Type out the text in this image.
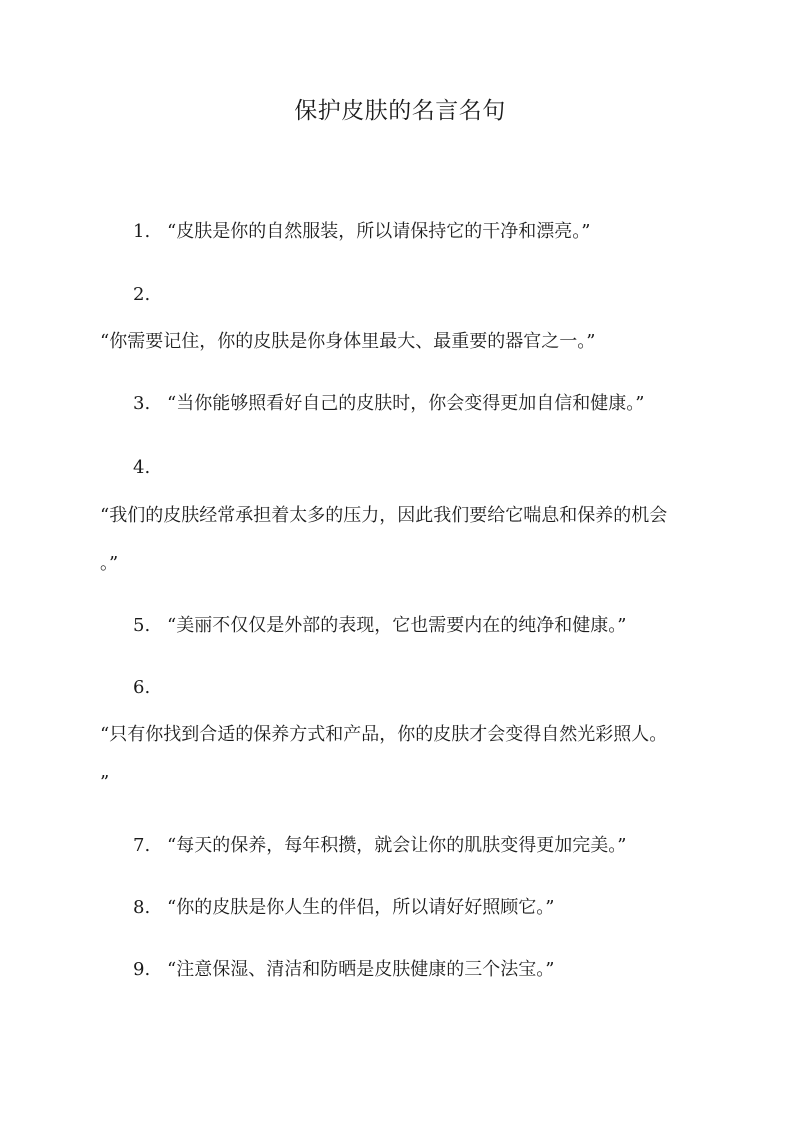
保护皮肤的名言名句

1. “皮肤是你的自然服装，所以请保持它的干净和漂亮。”

2.

“你需要记住，你的皮肤是你身体里最大、最重要的器官之一。”

3. “当你能够照看好自己的皮肤时，你会变得更加自信和健康。”

4.

“我们的皮肤经常承担着太多的压力，因此我们要给它喘息和保养的机会

。”

5. “美丽不仅仅是外部的表现，它也需要内在的纯净和健康。”

6.

“只有你找到合适的保养方式和产品，你的皮肤才会变得自然光彩照人。

”

7. “每天的保养，每年积攒，就会让你的肌肤变得更加完美。”

8. “你的皮肤是你人生的伴侣，所以请好好照顾它。”

9. “注意保湿、清洁和防晒是皮肤健康的三个法宝。”
